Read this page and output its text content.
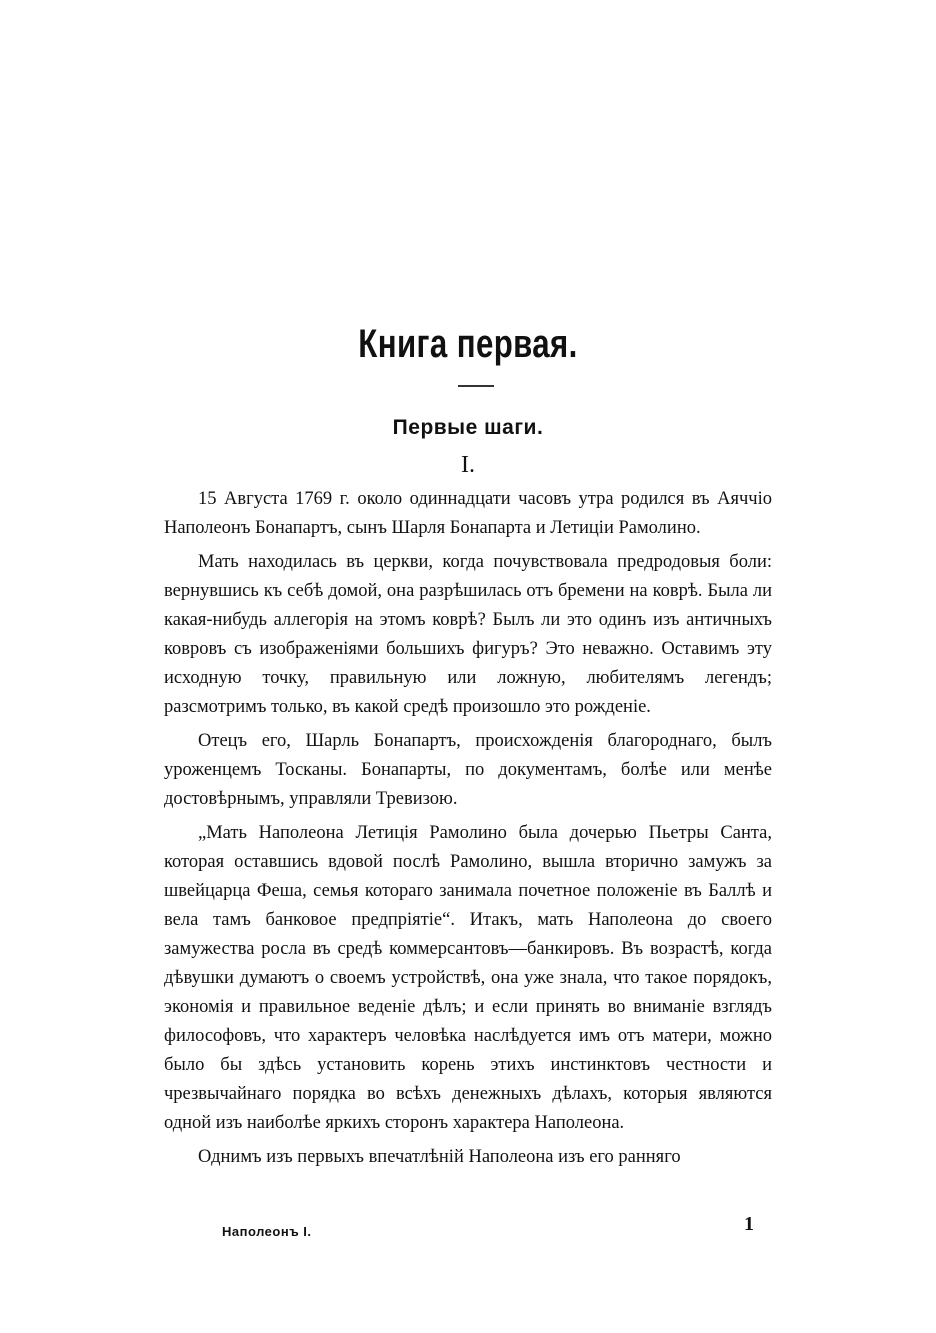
Книга первая.
Первые шаги.
I.

15 Августа 1769 г. около одиннадцати часовъ утра родился въ Аяччіо Наполеонъ Бонапартъ, сынъ Шарля Бонапарта и Летиціи Рамолино.

Мать находилась въ церкви, когда почувствовала предродовыя боли: вернувшись къ себѣ домой, она разрѣшилась отъ бремени на коврѣ. Была ли какая-нибудь аллегорія на этомъ коврѣ? Былъ ли это одинъ изъ античныхъ ковровъ съ изображеніями большихъ фигуръ? Это неважно. Оставимъ эту исходную точку, правильную или ложную, любителямъ легендъ; разсмотримъ только, въ какой средѣ произошло это рожденіе.

Отецъ его, Шарль Бонапартъ, происхожденія благороднаго, былъ уроженцемъ Тосканы. Бонапарты, по документамъ, болѣе или менѣе достовѣрнымъ, управляли Тревизою.

„Мать Наполеона Летиція Рамолино была дочерью Пьетры Санта, которая оставшись вдовой послѣ Рамолино, вышла вторично замужъ за швейцарца Феша, семья котораго занимала почетное положеніе въ Баллѣ и вела тамъ банковое предпріятіе“. Итакъ, мать Наполеона до своего замужества росла въ средѣ коммерсантовъ—банкировъ. Въ возрастѣ, когда дѣвушки думаютъ о своемъ устройствѣ, она уже знала, что такое порядокъ, экономія и правильное веденіе дѣлъ; и если принять во вниманіе взглядъ философовъ, что характеръ человѣка наслѣдуется имъ отъ матери, можно было бы здѣсь установить корень этихъ инстинктовъ честности и чрезвычайнаго порядка во всѣхъ денежныхъ дѣлахъ, которыя являются одной изъ наиболѣе яркихъ сторонъ характера Наполеона.

Однимъ изъ первыхъ впечатлѣній Наполеона изъ его ранняго

Наполеонъ I.	1
